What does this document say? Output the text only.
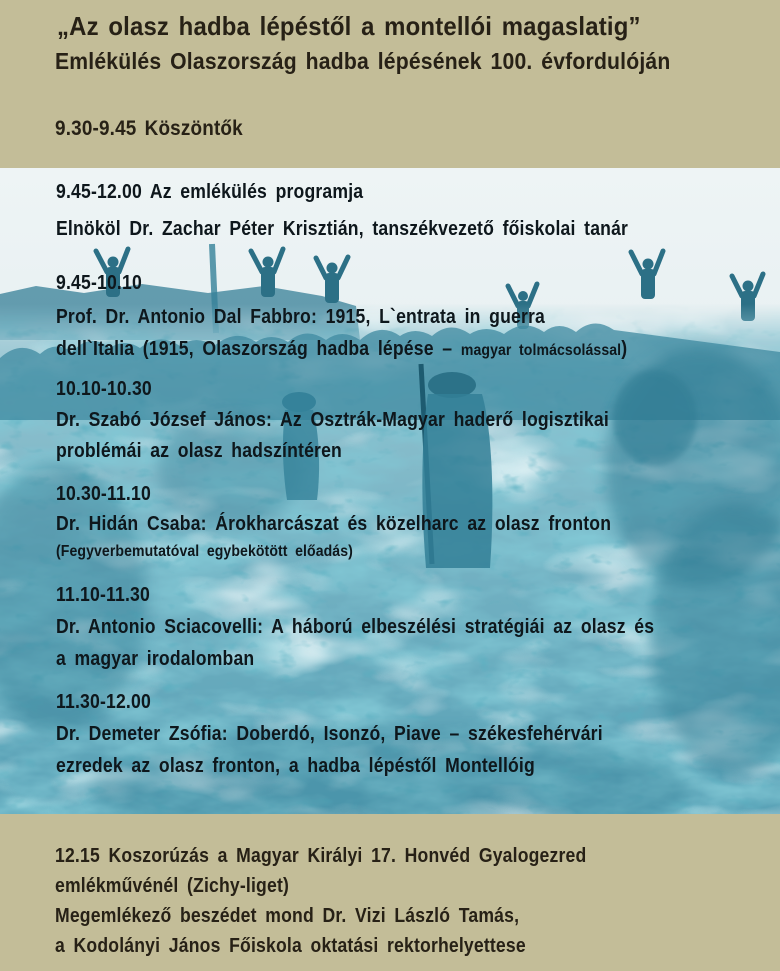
„Az olasz hadba lépéstől a montellói magaslatig”
Emlékülés Olaszország hadba lépésének 100. évfordulóján

9.30-9.45 Köszöntők

9.45-12.00 Az emlékülés programja

Elnököl Dr. Zachar Péter Krisztián, tanszékvezető főiskolai tanár

9.45-10.10

Prof. Dr. Antonio Dal Fabbro: 1915, L`entrata in guerra

dell`Italia (1915, Olaszország hadba lépése – magyar tolmácsolással)

10.10-10.30

Dr. Szabó József János: Az Osztrák-Magyar haderő logisztikai

problémái az olasz hadszíntéren

10.30-11.10

Dr. Hidán Csaba: Árokharcászat és közelharc az olasz fronton

(Fegyverbemutatóval egybekötött előadás)

11.10-11.30

Dr. Antonio Sciacovelli: A háború elbeszélési stratégiái az olasz és

a magyar irodalomban

11.30-12.00

Dr. Demeter Zsófia: Doberdó, Isonzó, Piave – székesfehérvári

ezredek az olasz fronton, a hadba lépéstől Montellóig

12.15 Koszorúzás a Magyar Királyi 17. Honvéd Gyalogezred

emlékművénél (Zichy-liget)

Megemlékező beszédet mond Dr. Vizi László Tamás,

a Kodolányi János Főiskola oktatási rektorhelyettese
